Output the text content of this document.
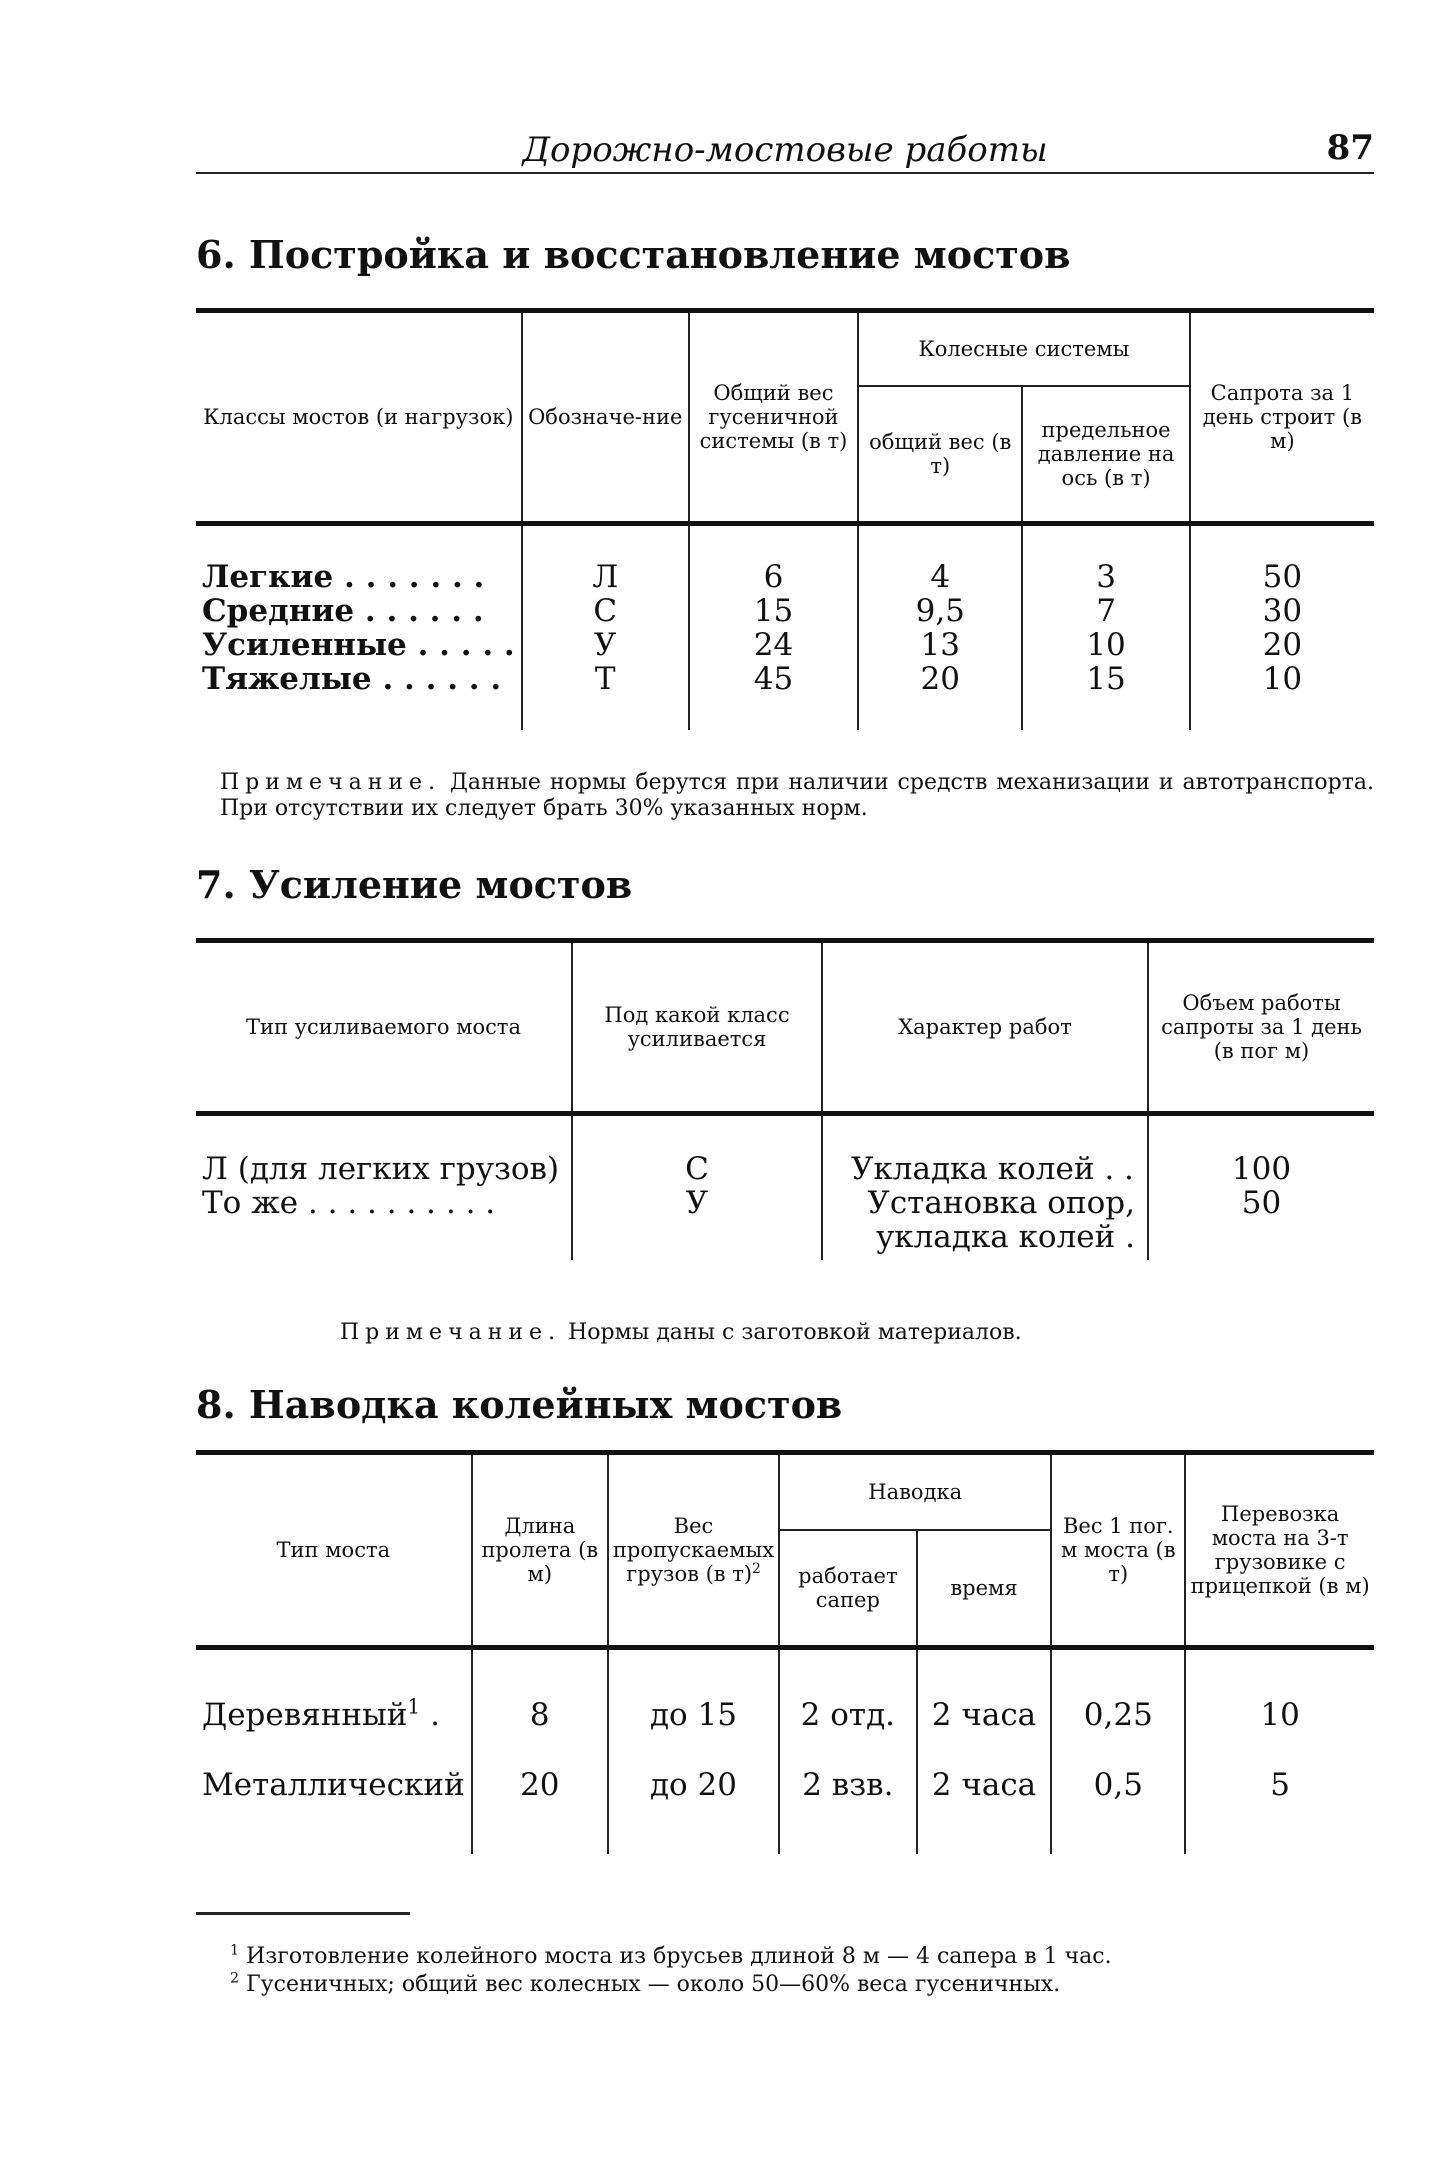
Дорожно-мостовые работы	87
6. Постройка и восстановление мостов
Классы мостов (и нагрузок)	Обозначе-ние	Общий вес гусеничной системы (в т)	Колесные системы		Сапрота за 1 день строит (в м)
			общий вес (в т)	предельное давление на ось (в т)	
Легкие . . . . . . .	Л	6	4	3	50
Средние . . . . . .	С	15	9,5	7	30
Усиленные . . . . .	У	24	13	10	20
Тяжелые . . . . . .	Т	45	20	15	10
Примечание. Данные нормы берутся при наличии средств механизации и автотранспорта. При отсутствии их следует брать 30% указанных норм.
7. Усиление мостов
Тип усиливаемого моста	Под какой класс усиливается	Характер работ	Объем работы сапроты за 1 день (в пог м)
Л (для легких грузов)	С	Укладка колей . .	100
То же . . . . . . . . . .	У	Установка опор, укладка колей .	50
Примечание. Нормы даны с заготовкой материалов.
8. Наводка колейных мостов
Тип моста	Длина пролета (в м)	Вес пропускаемых грузов (в т)$^2$	Наводка		Вес 1 пог. м моста (в т)	Перевозка моста на 3-т грузовике с прицепкой (в м)
			работает сапер	время		
Деревянный$^1$ .	8	до 15	2 отд.	2 часа	0,25	10
Металлический	20	до 20	2 взв.	2 часа	0,5	5
$^1$ Изготовление колейного моста из брусьев длиной 8 м — 4 сапера в 1 час.
$^2$ Гусеничных; общий вес колесных — около 50—60% веса гусеничных.
